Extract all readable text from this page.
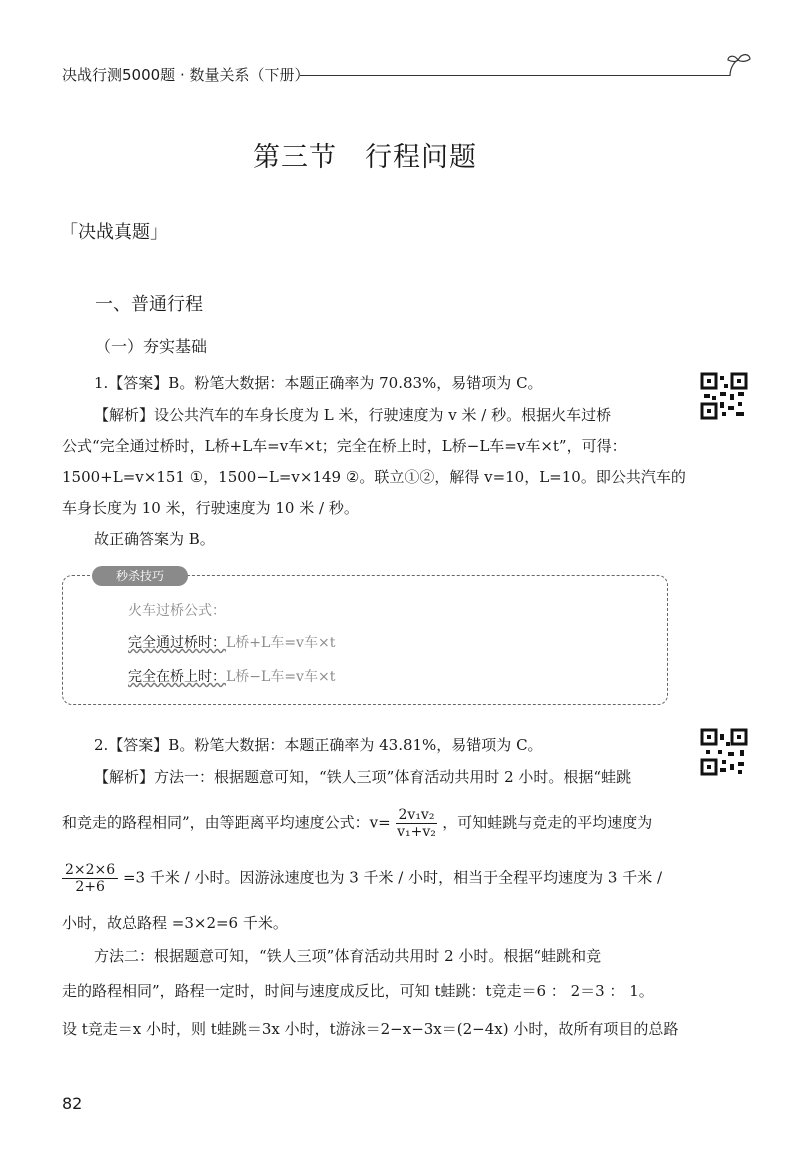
决战行测5000题 · 数量关系（下册）
第三节　行程问题
「决战真题」
一、普通行程
（一）夯实基础
1.【答案】B。粉笔大数据：本题正确率为 70.83%，易错项为 C。
【解析】设公共汽车的车身长度为 L 米，行驶速度为 v 米 / 秒。根据火车过桥
公式“完全通过桥时，L桥+L车=v车×t；完全在桥上时，L桥−L车=v车×t”，可得：
1500+L=v×151 ①，1500−L=v×149 ②。联立①②，解得 v=10，L=10。即公共汽车的
车身长度为 10 米，行驶速度为 10 米 / 秒。
故正确答案为 B。
秒杀技巧
火车过桥公式：
完全通过桥时：L桥+L车=v车×t
完全在桥上时：L桥−L车=v车×t
2.【答案】B。粉笔大数据：本题正确率为 43.81%，易错项为 C。
【解析】方法一：根据题意可知，“铁人三项”体育活动共用时 2 小时。根据“蛙跳
和竞走的路程相同”，由等距离平均速度公式：$v= \frac{\text{2v₁v₂}}{\text{v₁+v₂}}$ ，可知蛙跳与竞走的平均速度为
$\frac{2\times 2\times 6}{2+6} =3$ 千米 / 小时。因游泳速度也为 3 千米 / 小时，相当于全程平均速度为 3 千米 /
小时，故总路程 =3×2=6 千米。
方法二：根据题意可知，“铁人三项”体育活动共用时 2 小时。根据“蛙跳和竞
走的路程相同”，路程一定时，时间与速度成反比，可知 t蛙跳：t竞走＝6 ： 2＝3 ： 1。
设 t竞走＝x 小时，则 t蛙跳＝3x 小时，t游泳＝2−x−3x＝(2−4x) 小时，故所有项目的总路
82
